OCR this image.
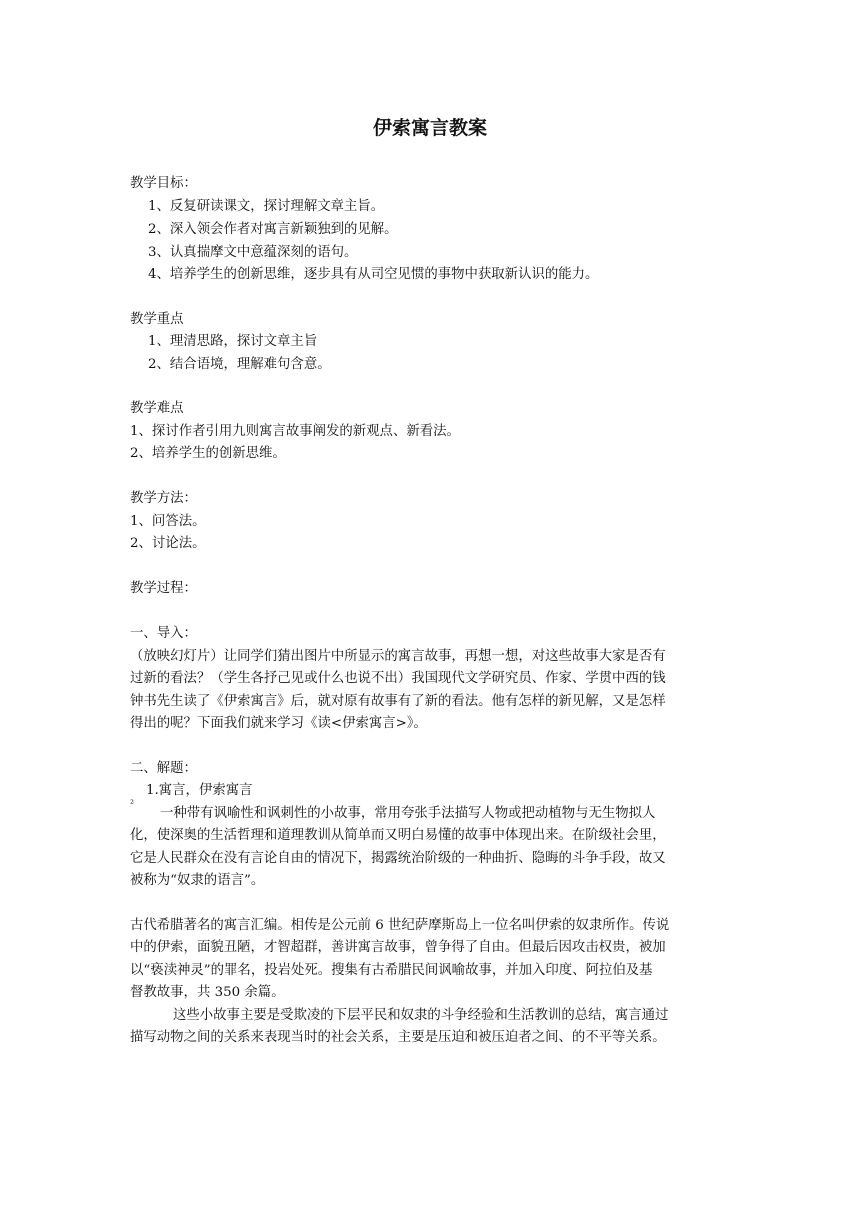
伊索寓言教案

教学目标：

1、反复研读课文，探讨理解文章主旨。

2、深入领会作者对寓言新颖独到的见解。

3、认真揣摩文中意蕴深刻的语句。

4、培养学生的创新思维，逐步具有从司空见惯的事物中获取新认识的能力。

教学重点

1、理清思路，探讨文章主旨

2、结合语境，理解难句含意。

教学难点

1、探讨作者引用九则寓言故事阐发的新观点、新看法。

2、培养学生的创新思维。

教学方法：

1、问答法。

2、讨论法。

教学过程：

一、导入：

（放映幻灯片）让同学们猜出图片中所显示的寓言故事，再想一想，对这些故事大家是否有

过新的看法？（学生各抒己见或什么也说不出）我国现代文学研究员、作家、学贯中西的钱

钟书先生读了《伊索寓言》后，就对原有故事有了新的看法。他有怎样的新见解，又是怎样

得出的呢？下面我们就来学习《读<伊索寓言>》。

二、解题：

1.寓言，伊索寓言

²

一种带有讽喻性和讽刺性的小故事，常用夸张手法描写人物或把动植物与无生物拟人

化，使深奥的生活哲理和道理教训从简单而又明白易懂的故事中体现出来。在阶级社会里，

它是人民群众在没有言论自由的情况下，揭露统治阶级的一种曲折、隐晦的斗争手段，故又

被称为“奴隶的语言”。

古代希腊著名的寓言汇编。相传是公元前 6 世纪萨摩斯岛上一位名叫伊索的奴隶所作。传说

中的伊索，面貌丑陋，才智超群，善讲寓言故事，曾争得了自由。但最后因攻击权贵，被加

以“亵渎神灵”的罪名，投岩处死。搜集有古希腊民间讽喻故事，并加入印度、阿拉伯及基

督教故事，共 350 余篇。

这些小故事主要是受欺凌的下层平民和奴隶的斗争经验和生活教训的总结，寓言通过

描写动物之间的关系来表现当时的社会关系，主要是压迫和被压迫者之间、的不平等关系。
